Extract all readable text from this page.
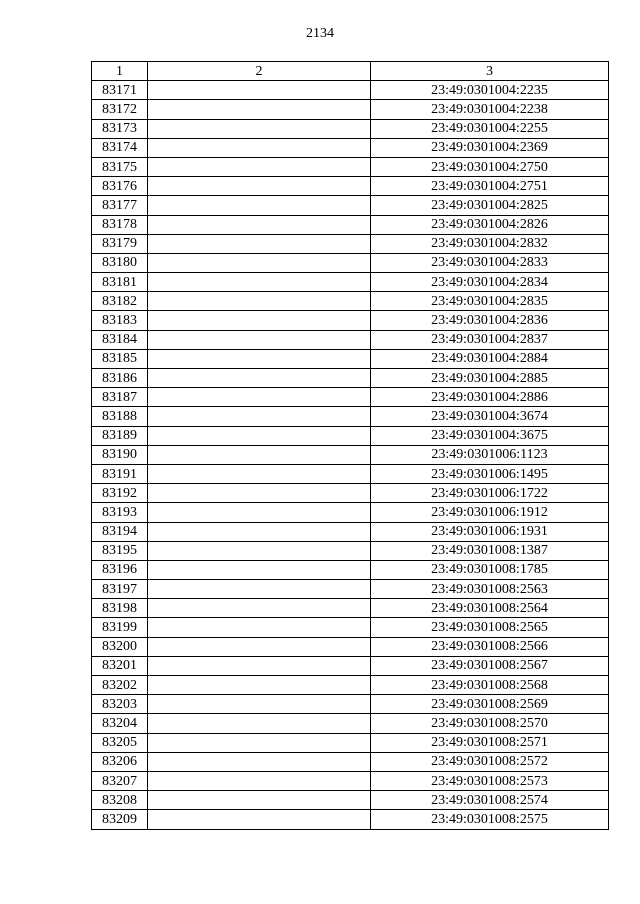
2134
1	2	3
83171		23:49:0301004:2235
83172		23:49:0301004:2238
83173		23:49:0301004:2255
83174		23:49:0301004:2369
83175		23:49:0301004:2750
83176		23:49:0301004:2751
83177		23:49:0301004:2825
83178		23:49:0301004:2826
83179		23:49:0301004:2832
83180		23:49:0301004:2833
83181		23:49:0301004:2834
83182		23:49:0301004:2835
83183		23:49:0301004:2836
83184		23:49:0301004:2837
83185		23:49:0301004:2884
83186		23:49:0301004:2885
83187		23:49:0301004:2886
83188		23:49:0301004:3674
83189		23:49:0301004:3675
83190		23:49:0301006:1123
83191		23:49:0301006:1495
83192		23:49:0301006:1722
83193		23:49:0301006:1912
83194		23:49:0301006:1931
83195		23:49:0301008:1387
83196		23:49:0301008:1785
83197		23:49:0301008:2563
83198		23:49:0301008:2564
83199		23:49:0301008:2565
83200		23:49:0301008:2566
83201		23:49:0301008:2567
83202		23:49:0301008:2568
83203		23:49:0301008:2569
83204		23:49:0301008:2570
83205		23:49:0301008:2571
83206		23:49:0301008:2572
83207		23:49:0301008:2573
83208		23:49:0301008:2574
83209		23:49:0301008:2575
